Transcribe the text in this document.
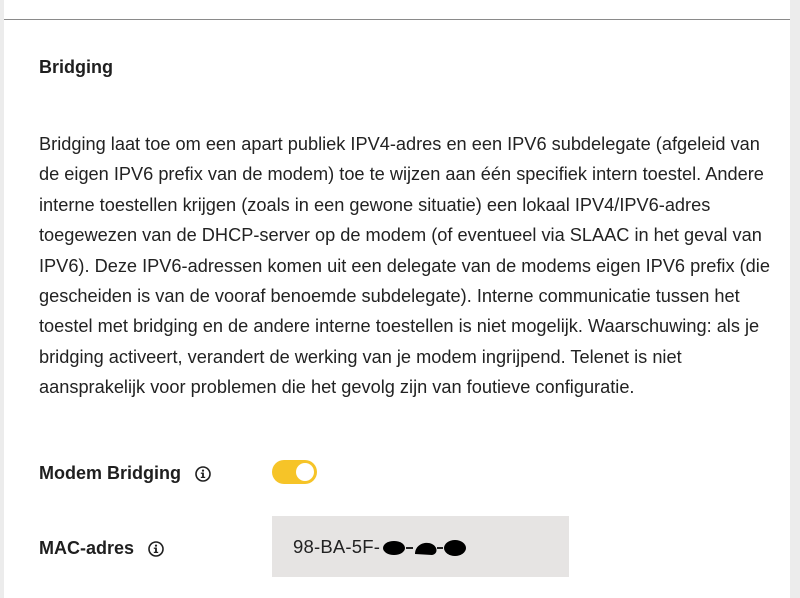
Bridging

Bridging laat toe om een apart publiek IPV4-adres en een IPV6 subdelegate (afgeleid van de eigen IPV6 prefix van de modem) toe te wijzen aan één specifiek intern toestel. Andere interne toestellen krijgen (zoals in een gewone situatie) een lokaal IPV4/IPV6-adres toegewezen van de DHCP-server op de modem (of eventueel via SLAAC in het geval van IPV6). Deze IPV6-adressen komen uit een delegate van de modems eigen IPV6 prefix (die gescheiden is van de vooraf benoemde subdelegate). Interne communicatie tussen het toestel met bridging en de andere interne toestellen is niet mogelijk. Waarschuwing: als je bridging activeert, verandert de werking van je modem ingrijpend. Telenet is niet aansprakelijk voor problemen die het gevolg zijn van foutieve configuratie.

Modem Bridging
MAC-adres	98-BA-5F-
